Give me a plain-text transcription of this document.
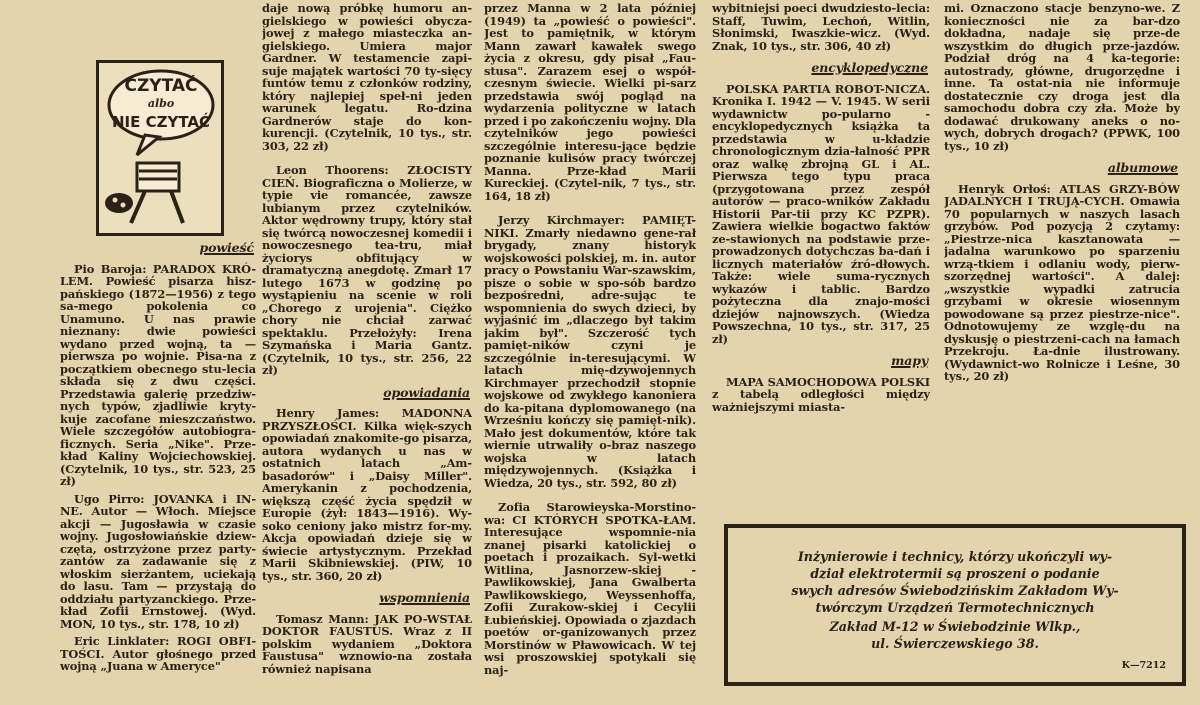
CZYTAĆ
albo
NIE CZYTAĆ
powieść

Pio Baroja: PARADOX KRÓ-LEM. Powieść pisarza hisz-pańskiego (1872—1956) z tego sa-mego pokolenia co Unamuno. U nas prawie nieznany: dwie powieści wydano przed wojną, ta — pierwsza po wojnie. Pisa-na z początkiem obecnego stu-lecia składa się z dwu części. Przedstawia galerię przedziw-nych typów, zjadliwie kryty-kuje zacofane mieszczaństwo. Wiele szczegółów autobiogra-ficznych. Seria „Nike". Prze-kład Kaliny Wojciechowskiej. (Czytelnik, 10 tys., str. 523, 25 zł)

Ugo Pirro: JOVANKA i IN-NE. Autor — Włoch. Miejsce akcji — Jugosławia w czasie wojny. Jugosłowiańskie dziew-częta, ostrzyżone przez party-zantów za zadawanie się z włoskim sierżantem, uciekają do lasu. Tam — przystają do oddziału partyzanckiego. Prze-kład Zofii Ernstowej. (Wyd. MON, 10 tys., str. 178, 10 zł)

Eric Linklater: ROGI OBFI-TOŚCI. Autor głośnego przed wojną „Juana w Ameryce"

daje nową próbkę humoru an-gielskiego w powieści obycza-jowej z małego miasteczka an-gielskiego. Umiera major Gardner. W testamencie zapi-suje majątek wartości 70 ty-sięcy funtów temu z członków rodziny, który najlepiej speł-ni jeden warunek legatu. Ro-dzina Gardnerów staje do kon-kurencji. (Czytelnik, 10 tys., str. 303, 22 zł)

Leon Thoorens: ZŁOCISTY CIEŃ. Biograficzna o Molierze, w typie vie romancée, zawsze lubianym przez czytelników. Aktor wędrowny trupy, który stał się twórcą nowoczesnej komedii i nowoczesnego tea-tru, miał życiorys obfitujący w dramatyczną anegdotę. Zmarł 17 lutego 1673 w godzinę po wystąpieniu na scenie w roli „Chorego z urojenia". Ciężko chory nie chciał zarwać spektaklu. Przełożyły: Irena Szymańska i Maria Gantz. (Czytelnik, 10 tys., str. 256, 22 zł)

opowiadania

Henry James: MADONNA PRZYSZŁOŚCI. Kilka więk-szych opowiadań znakomite-go pisarza, autora wydanych u nas w ostatnich latach „Am-basadorów" i „Daisy Miller". Amerykanin z pochodzenia, większą część życia spędził w Europie (żył: 1843—1916). Wy-soko ceniony jako mistrz for-my. Akcja opowiadań dzieje się w świecie artystycznym. Przekład Marii Skibniewskiej. (PIW, 10 tys., str. 360, 20 zł)

wspomnienia

Tomasz Mann: JAK PO-WSTAŁ DOKTOR FAUSTUS. Wraz z II polskim wydaniem „Doktora Faustusa" wznowio-na została również napisana

przez Manna w 2 lata później (1949) ta „powieść o powieści". Jest to pamiętnik, w którym Mann zawarł kawałek swego życia z okresu, gdy pisał „Fau-stusa". Zarazem esej o współ-czesnym świecie. Wielki pi-sarz przedstawia swój pogląd na wydarzenia polityczne w latach przed i po zakończeniu wojny. Dla czytelników jego powieści szczególnie interesu-jące będzie poznanie kulisów pracy twórczej Manna. Prze-kład Marii Kureckiej. (Czytel-nik, 7 tys., str. 164, 18 zł)

Jerzy Kirchmayer: PAMIĘT-NIKI. Zmarły niedawno gene-rał brygady, znany historyk wojskowości polskiej, m. in. autor pracy o Powstaniu War-szawskim, pisze o sobie w spo-sób bardzo bezpośredni, adre-sując te wspomnienia do swych dzieci, by wyjaśnić im „dlaczego był takim jakim był". Szczerość tych pamięt-ników czyni je szczególnie in-teresującymi. W latach mię-dzywojennych Kirchmayer przechodził stopnie wojskowe od zwykłego kanoniera do ka-pitana dyplomowanego (na Wrześniu kończy się pamięt-nik). Mało jest dokumentów, które tak wiernie utrwaliły o-braz naszego wojska w latach międzywojennych. (Książka i Wiedza, 20 tys., str. 592, 80 zł)

Zofia Starowieyska-Morstino-wa: CI KTÓRYCH SPOTKA-ŁAM. Interesujące wspomnie-nia znanej pisarki katolickiej o poetach i prozaikach. Syl-wetki Witlina, Jasnorzew-skiej - Pawlikowskiej, Jana Gwalberta Pawlikowskiego, Weyssenhoffa, Zofii Zurakow-skiej i Cecylii Łubieńskiej. Opowiada o zjazdach poetów or-ganizowanych przez Morstinów w Pławowicach. W tej wsi proszowskiej spotykali się naj-

wybitniejsi poeci dwudziesto-lecia: Staff, Tuwim, Lechoń, Witlin, Słonimski, Iwaszkie-wicz. (Wyd. Znak, 10 tys., str. 306, 40 zł)

encyklopedyczne

POLSKA PARTIA ROBOT-NICZA. Kronika I. 1942 — V. 1945. W serii wydawnictw po-pularno - encyklopedycznych książka ta przedstawia w u-kładzie chronologicznym dzia-łalność PPR oraz walkę zbrojną GL i AL. Pierwsza tego typu praca (przygotowana przez zespół autorów — praco-wników Zakładu Historii Par-tii przy KC PZPR). Zawiera wielkie bogactwo faktów ze-stawionych na podstawie prze-prowadzonych dotychczas ba-dań i licznych materiałów źró-dłowych. Także: wiele suma-rycznych wykazów i tablic. Bardzo pożyteczna dla znajo-mości dziejów najnowszych. (Wiedza Powszechna, 10 tys., str. 317, 25 zł)

mapy

MAPA SAMOCHODOWA POLSKI z tabelą odległości między ważniejszymi miasta-

mi. Oznaczono stacje benzyno-we. Z konieczności nie za bar-dzo dokładna, nadaje się prze-de wszystkim do długich prze-jazdów. Podział dróg na 4 ka-tegorie: autostrady, główne, drugorzędne i inne. Ta ostat-nia nie informuje dostatecznie czy droga jest dla samochodu dobra czy zła. Może by dodawać drukowany aneks o no-wych, dobrych drogach? (PPWK, 100 tys., 10 zł)

albumowe

Henryk Orłoś: ATLAS GRZY-BÓW JADALNYCH I TRUJĄ-CYCH. Omawia 70 popularnych w naszych lasach grzybów. Pod pozycją 2 czytamy: „Piestrze-nica kasztanowata — jadalna warunkowo po sparzeniu wrzą-tkiem i odlaniu wody, pierw-szorzędnej wartości". A dalej: „wszystkie wypadki zatrucia grzybami w okresie wiosennym powodowane są przez piestrze-nice". Odnotowujemy ze wzglę-du na dyskusję o piestrzeni-cach na łamach Przekroju. Ła-dnie ilustrowany. (Wydawnict-wo Rolnicze i Leśne, 30 tys., 20 zł)

Inżynierowie i technicy, którzy ukończyli wy-
dział elektrotermii są proszeni o podanie
swych adresów Świebodzińskim Zakładom Wy-
twórczym Urządzeń Termotechnicznych
Zakład M-12 w Świebodzinie Wlkp.,
ul. Świerczewskiego 38.
K—7212
